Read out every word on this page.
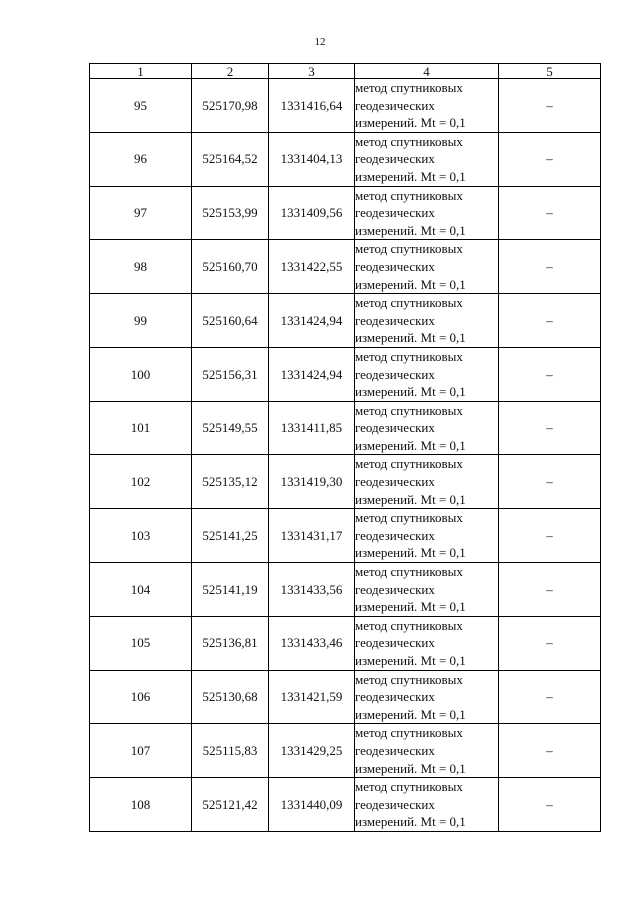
12
1	2	3	4	5
95	525170,98	1331416,64	метод спутниковых
геодезических
измерений. Mt = 0,1	–
96	525164,52	1331404,13	метод спутниковых
геодезических
измерений. Mt = 0,1	–
97	525153,99	1331409,56	метод спутниковых
геодезических
измерений. Mt = 0,1	–
98	525160,70	1331422,55	метод спутниковых
геодезических
измерений. Mt = 0,1	–
99	525160,64	1331424,94	метод спутниковых
геодезических
измерений. Mt = 0,1	–
100	525156,31	1331424,94	метод спутниковых
геодезических
измерений. Mt = 0,1	–
101	525149,55	1331411,85	метод спутниковых
геодезических
измерений. Mt = 0,1	–
102	525135,12	1331419,30	метод спутниковых
геодезических
измерений. Mt = 0,1	–
103	525141,25	1331431,17	метод спутниковых
геодезических
измерений. Mt = 0,1	–
104	525141,19	1331433,56	метод спутниковых
геодезических
измерений. Mt = 0,1	–
105	525136,81	1331433,46	метод спутниковых
геодезических
измерений. Mt = 0,1	–
106	525130,68	1331421,59	метод спутниковых
геодезических
измерений. Mt = 0,1	–
107	525115,83	1331429,25	метод спутниковых
геодезических
измерений. Mt = 0,1	–
108	525121,42	1331440,09	метод спутниковых
геодезических
измерений. Mt = 0,1	–
